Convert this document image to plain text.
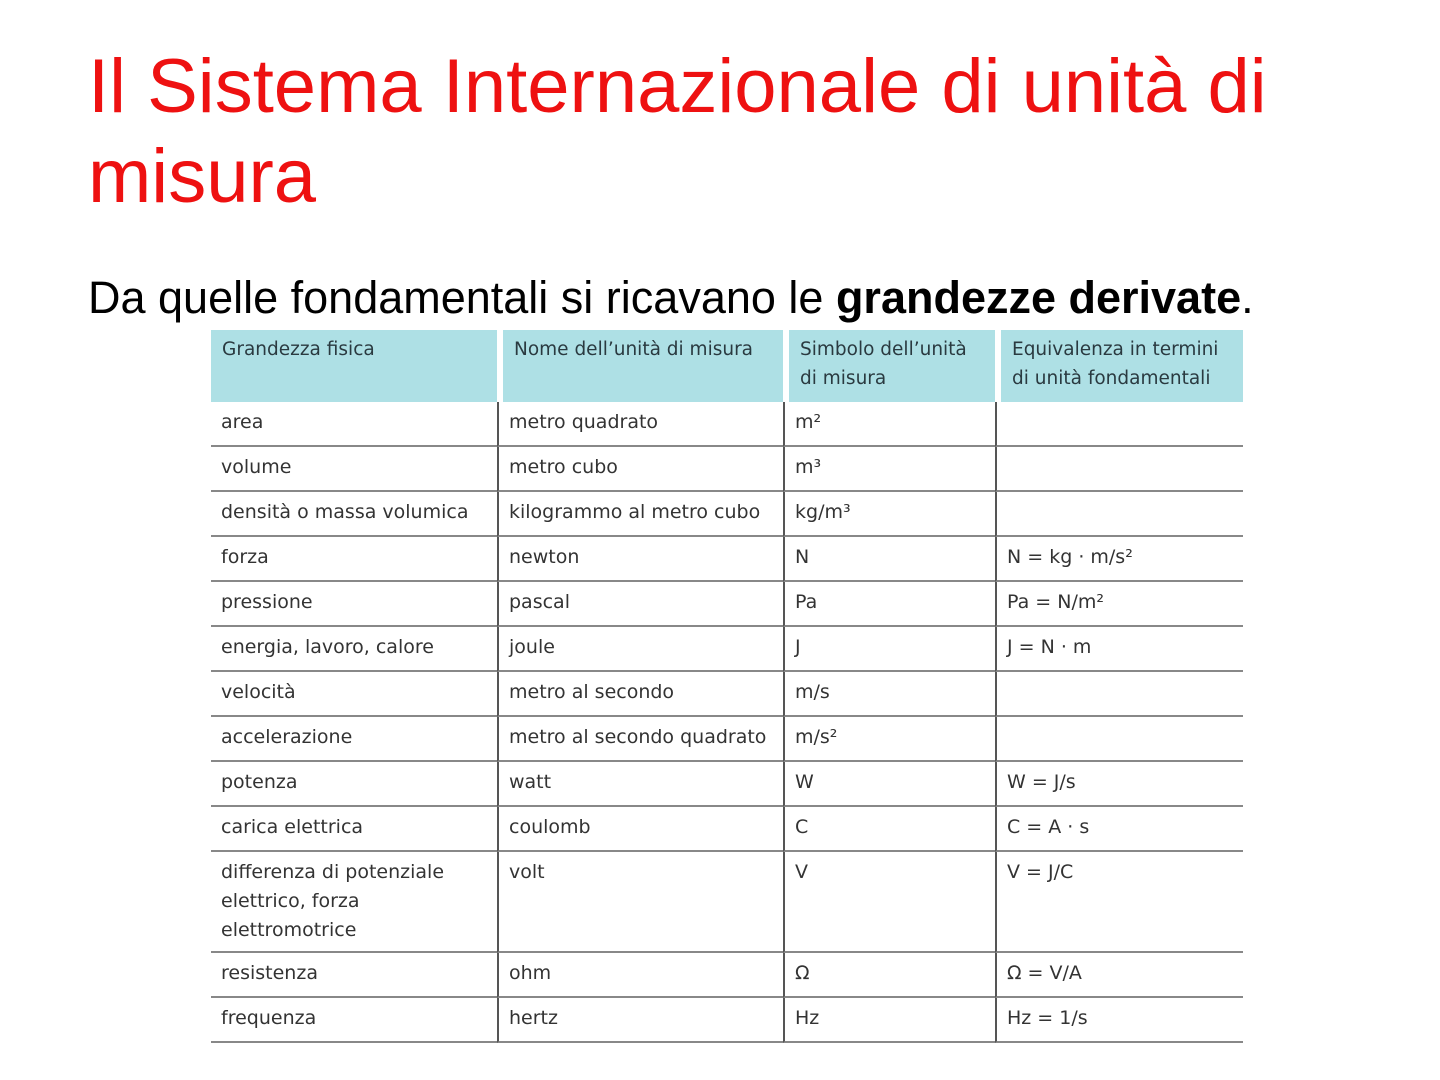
Il Sistema Internazionale di unità di misura

Da quelle fondamentali si ricavano le grandezze derivate.

Grandezza fisica	Nome dell’unità di misura	Simbolo dell’unità di misura	Equivalenza in termini di unità fondamentali
area	metro quadrato	m²	
volume	metro cubo	m³	
densità o massa volumica	kilogrammo al metro cubo	kg/m³	
forza	newton	N	N = kg · m/s²
pressione	pascal	Pa	Pa = N/m²
energia, lavoro, calore	joule	J	J = N · m
velocità	metro al secondo	m/s	
accelerazione	metro al secondo quadrato	m/s²	
potenza	watt	W	W = J/s
carica elettrica	coulomb	C	C = A · s
differenza di potenziale elettrico, forza elettromotrice	volt	V	V = J/C
resistenza	ohm	Ω	Ω = V/A
frequenza	hertz	Hz	Hz = 1/s
